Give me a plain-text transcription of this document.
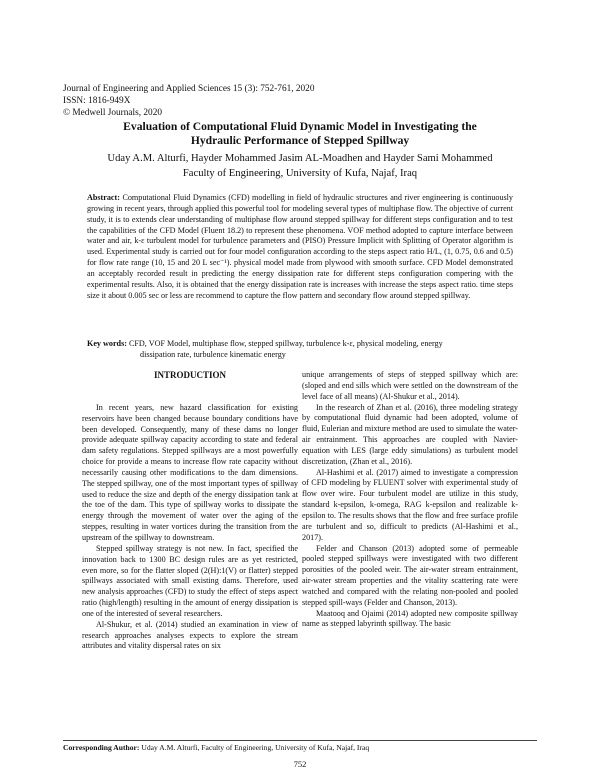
Journal of Engineering and Applied Sciences 15 (3): 752-761, 2020
ISSN: 1816-949X
© Medwell Journals, 2020
Evaluation of Computational Fluid Dynamic Model in Investigating the
Hydraulic Performance of Stepped Spillway
Uday A.M. Alturfi, Hayder Mohammed Jasim AL-Moadhen and Hayder Sami Mohammed
Faculty of Engineering, University of Kufa, Najaf, Iraq
Abstract: Computational Fluid Dynamics (CFD) modelling in field of hydraulic structures and river engineering is continuously growing in recent years, through applied this powerful tool for modeling several types of multiphase flow. The objective of current study, it is to extends clear understanding of multiphase flow around stepped spillway for different steps configuration and to test the capabilities of the CFD Model (Fluent 18.2) to represent these phenomena. VOF method adopted to capture interface between water and air, k-ε turbulent model for turbulence parameters and (PISO) Pressure Implicit with Splitting of Operator algorithm is used. Experimental study is carried out for four model configuration according to the steps aspect ratio H/L, (1, 0.75, 0.6 and 0.5) for flow rate range (10, 15 and 20 L sec⁻¹). physical model made from plywood with smooth surface. CFD Model demonstrated an acceptably recorded result in predicting the energy dissipation rate for different steps configuration compering with the experimental results. Also, it is obtained that the energy dissipation rate is increases with increase the steps aspect ratio. time steps size it about 0.005 sec or less are recommend to capture the flow pattern and secondary flow around stepped spillway.
Key words: CFD, VOF Model, multiphase flow, stepped spillway, turbulence k-ε, physical modeling, energy
dissipation rate, turbulence kinematic energy
INTRODUCTION

In recent years, new hazard classification for existing reservoirs have been changed because boundary conditions have been developed. Consequently, many of these dams no longer provide adequate spillway capacity according to state and federal dam safety regulations. Stepped spillways are a most powerfully choice for provide a means to increase flow rate capacity without necessarily causing other modifications to the dam dimensions. The stepped spillway, one of the most important types of spillway used to reduce the size and depth of the energy dissipation tank at the toe of the dam. This type of spillway works to dissipate the energy through the movement of water over the aging of the steppes, resulting in water vortices during the transition from the upstream of the spillway to downstream.

Stepped spillway strategy is not new. In fact, specified the innovation back to 1300 BC design rules are as yet restricted, even more, so for the flatter sloped (2(H):1(V) or flatter) stepped spillways associated with small existing dams. Therefore, used new analysis approaches (CFD) to study the effect of steps aspect ratio (high/length) resulting in the amount of energy dissipation is one of the interested of several researchers.

Al-Shukur, et al. (2014) studied an examination in view of research approaches analyses expects to explore the stream attributes and vitality dispersal rates on six

unique arrangements of steps of stepped spillway which are: (sloped and end sills which were settled on the downstream of the level face of all means) (Al-Shukur et al., 2014).

In the research of Zhan et al. (2016), three modeling strategy by computational fluid dynamic had been adopted, volume of fluid, Eulerian and mixture method are used to simulate the water-air entrainment. This approaches are coupled with Navier-equation with LES (large eddy simulations) as turbulent model discretization, (Zhan et al., 2016).

Al-Hashimi et al. (2017) aimed to investigate a compression of CFD modeling by FLUENT solver with experimental study of flow over wire. Four turbulent model are utilize in this study, standard k-epsilon, k-omega, RAG k-epsilon and realizable k-epsilon to. The results shows that the flow and free surface profile are turbulent and so, difficult to predicts (Al-Hashimi et al., 2017).

Felder and Chanson (2013) adopted some of permeable pooled stepped spillways were investigated with two different porosities of the pooled weir. The air-water stream entrainment, air-water stream properties and the vitality scattering rate were watched and compared with the relating non-pooled and pooled stepped spill-ways (Felder and Chanson, 2013).

Maatooq and Ojaimi (2014) adopted new composite spillway name as stepped labyrinth spillway. The basic

Corresponding Author: Uday A.M. Alturfi, Faculty of Engineering, University of Kufa, Najaf, Iraq
752
